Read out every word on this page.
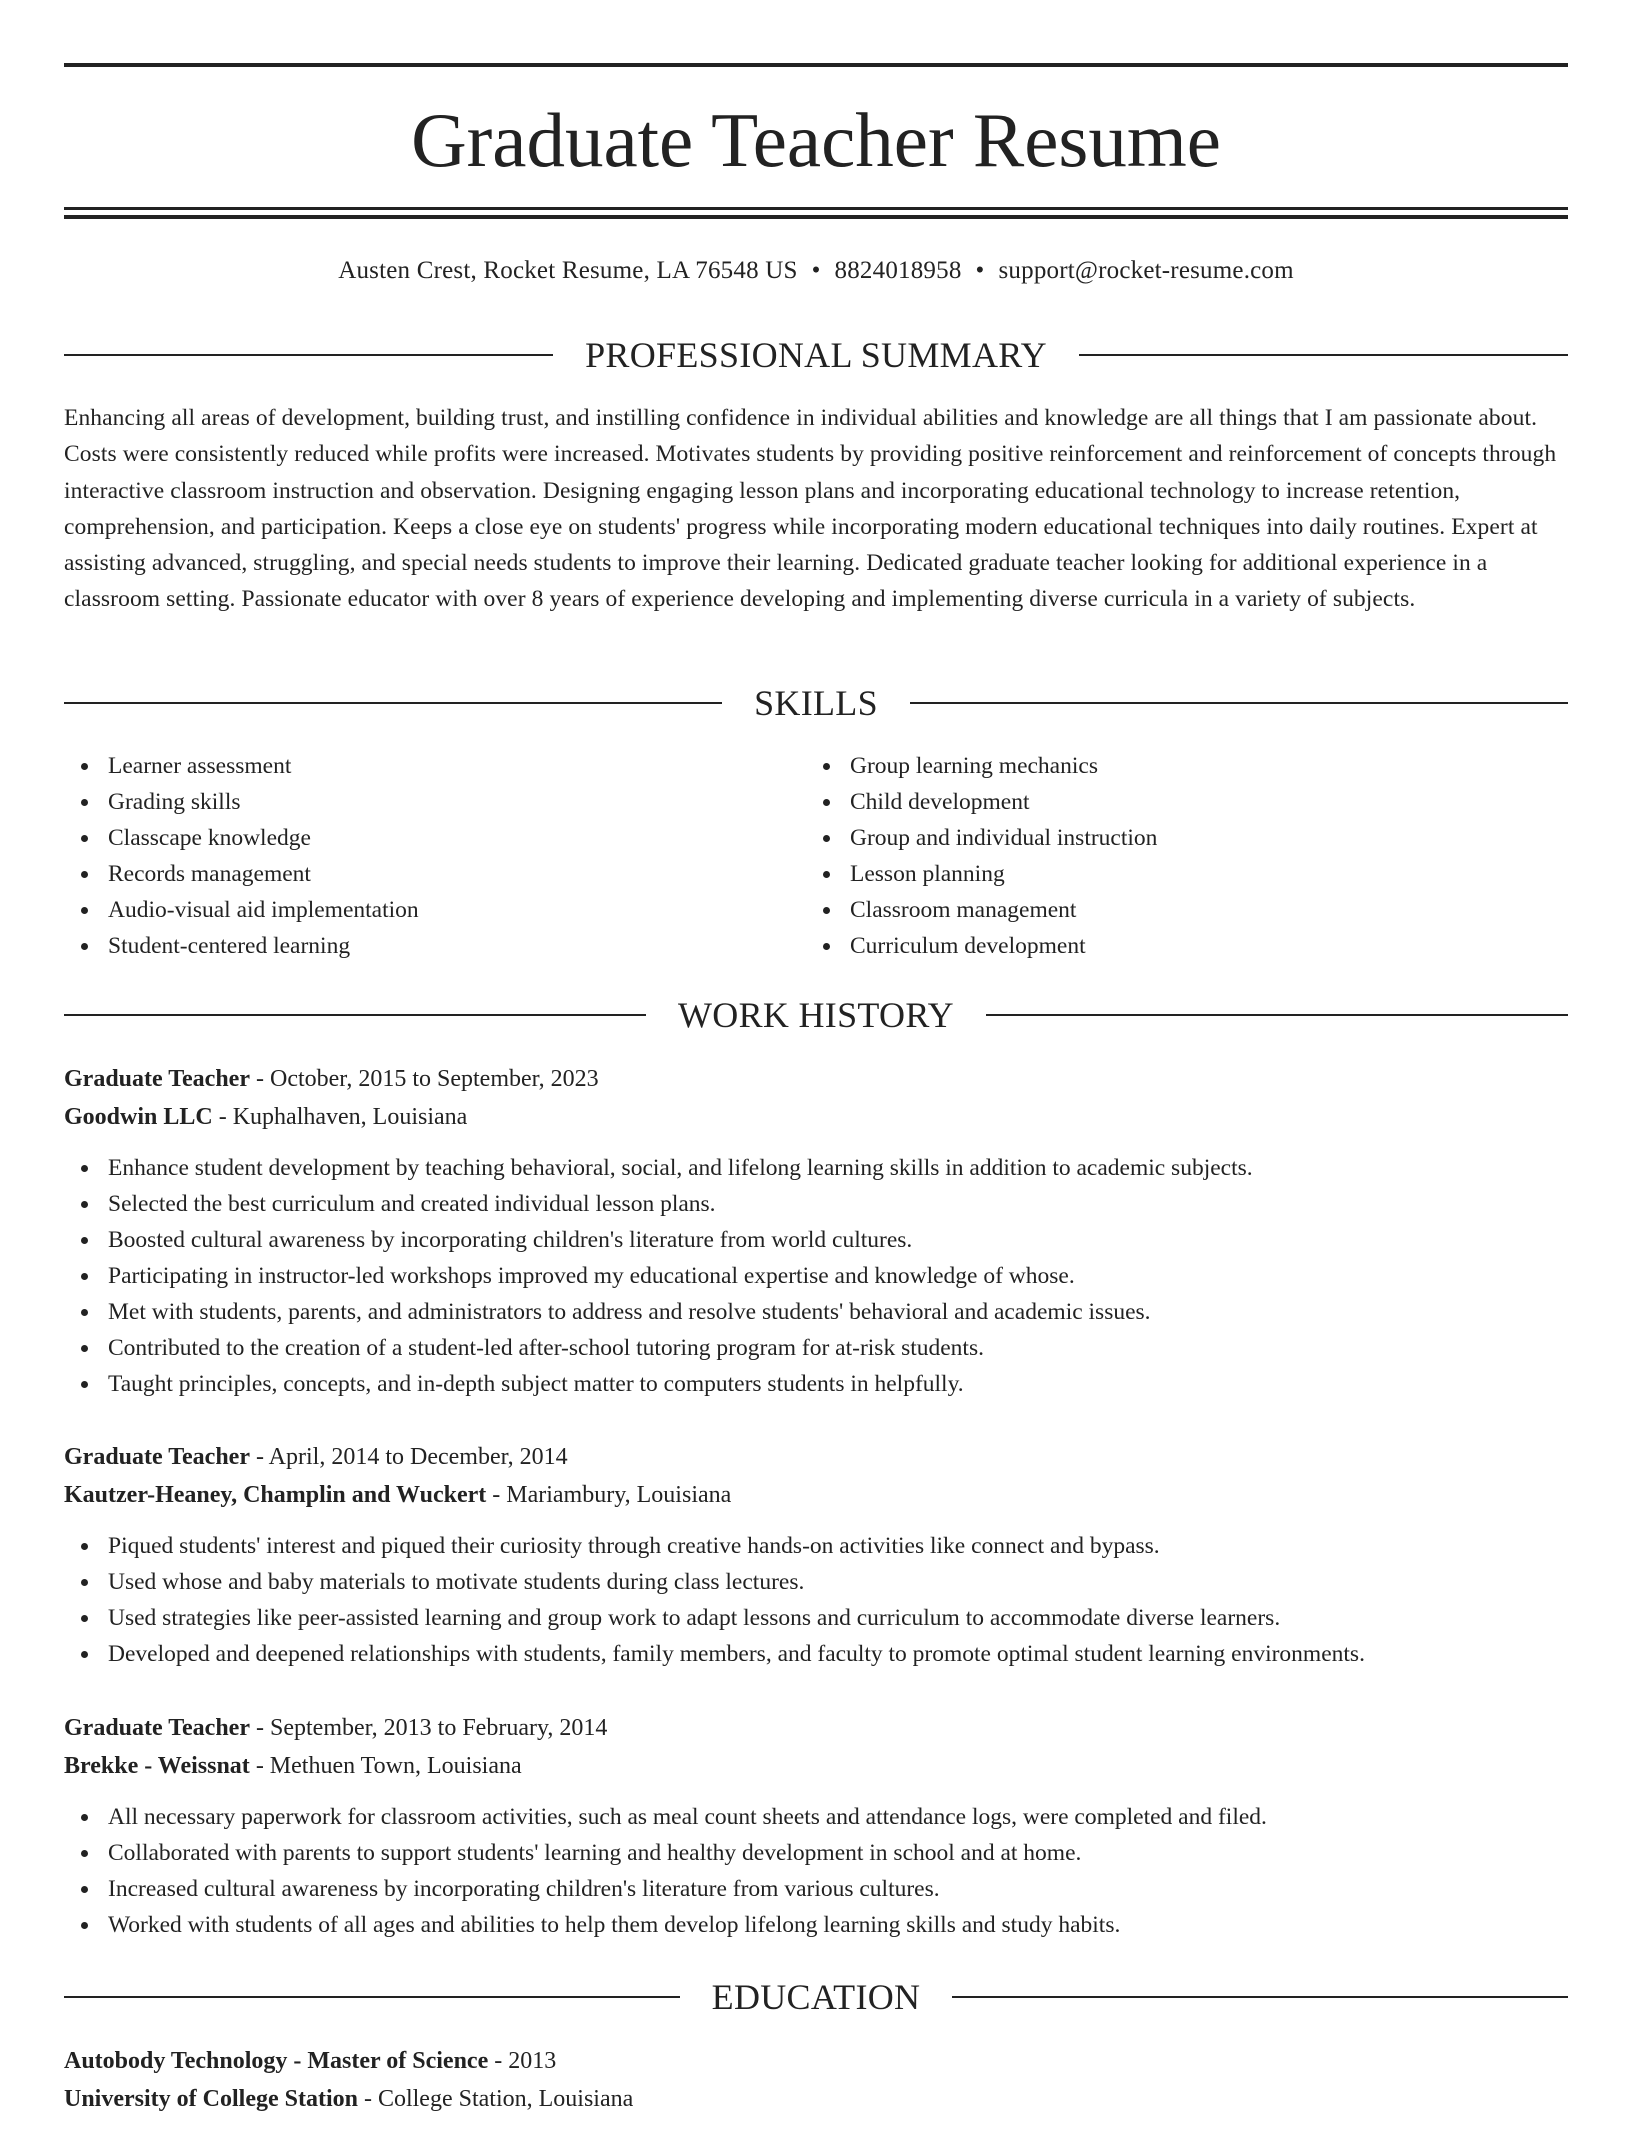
Graduate Teacher Resume
Austen Crest, Rocket Resume, LA 76548 US • 8824018958 • support@rocket-resume.com
PROFESSIONAL SUMMARY
Enhancing all areas of development, building trust, and instilling confidence in individual abilities and knowledge are all things that I am passionate about. Costs were consistently reduced while profits were increased. Motivates students by providing positive reinforcement and reinforcement of concepts through interactive classroom instruction and observation. Designing engaging lesson plans and incorporating educational technology to increase retention, comprehension, and participation. Keeps a close eye on students' progress while incorporating modern educational techniques into daily routines. Expert at assisting advanced, struggling, and special needs students to improve their learning. Dedicated graduate teacher looking for additional experience in a classroom setting. Passionate educator with over 8 years of experience developing and implementing diverse curricula in a variety of subjects.
SKILLS
Learner assessment
Grading skills
Classcape knowledge
Records management
Audio-visual aid implementation
Student-centered learning
Group learning mechanics
Child development
Group and individual instruction
Lesson planning
Classroom management
Curriculum development
WORK HISTORY
Graduate Teacher - October, 2015 to September, 2023
Goodwin LLC - Kuphalhaven, Louisiana
Enhance student development by teaching behavioral, social, and lifelong learning skills in addition to academic subjects.
Selected the best curriculum and created individual lesson plans.
Boosted cultural awareness by incorporating children's literature from world cultures.
Participating in instructor-led workshops improved my educational expertise and knowledge of whose.
Met with students, parents, and administrators to address and resolve students' behavioral and academic issues.
Contributed to the creation of a student-led after-school tutoring program for at-risk students.
Taught principles, concepts, and in-depth subject matter to computers students in helpfully.
Graduate Teacher - April, 2014 to December, 2014
Kautzer-Heaney, Champlin and Wuckert - Mariambury, Louisiana
Piqued students' interest and piqued their curiosity through creative hands-on activities like connect and bypass.
Used whose and baby materials to motivate students during class lectures.
Used strategies like peer-assisted learning and group work to adapt lessons and curriculum to accommodate diverse learners.
Developed and deepened relationships with students, family members, and faculty to promote optimal student learning environments.
Graduate Teacher - September, 2013 to February, 2014
Brekke - Weissnat - Methuen Town, Louisiana
All necessary paperwork for classroom activities, such as meal count sheets and attendance logs, were completed and filed.
Collaborated with parents to support students' learning and healthy development in school and at home.
Increased cultural awareness by incorporating children's literature from various cultures.
Worked with students of all ages and abilities to help them develop lifelong learning skills and study habits.
EDUCATION
Autobody Technology - Master of Science - 2013
University of College Station - College Station, Louisiana
